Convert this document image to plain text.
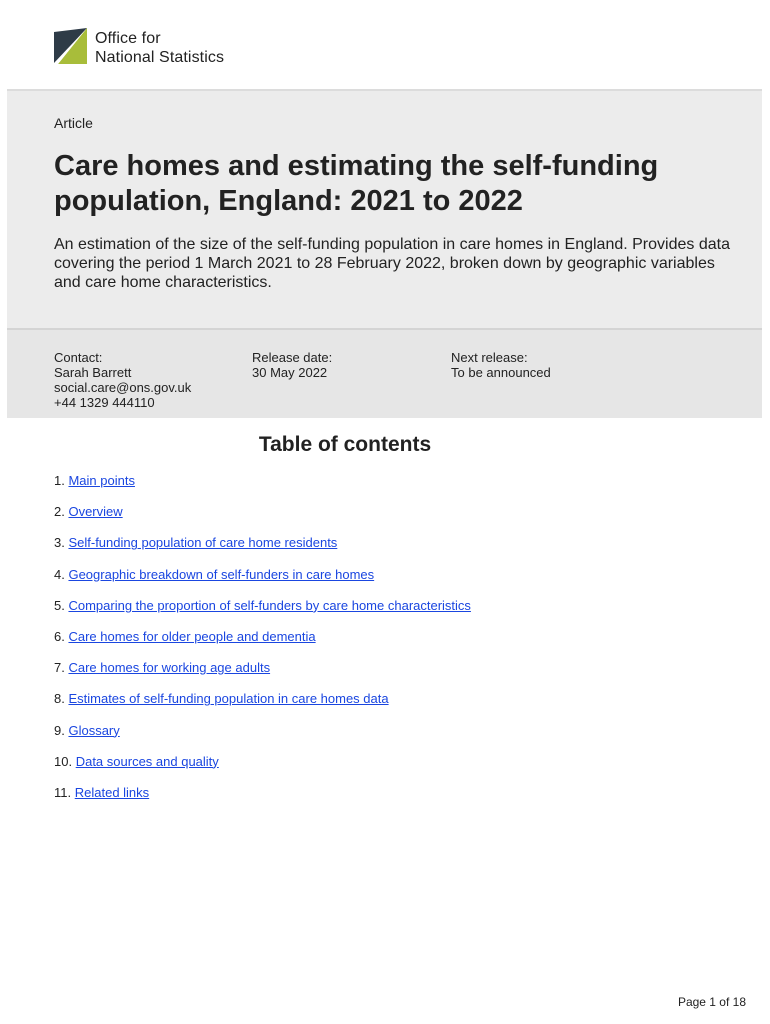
Office for
National Statistics
Article
Care homes and estimating the self-funding population, England: 2021 to 2022

An estimation of the size of the self-funding population in care homes in England. Provides data covering the period 1 March 2021 to 28 February 2022, broken down by geographic variables and care home characteristics.

Contact:
Sarah Barrett
social.care@ons.gov.uk
+44 1329 444110
Release date:
30 May 2022
Next release:
To be announced
Table of contents
1. Main points
2. Overview
3. Self-funding population of care home residents
4. Geographic breakdown of self-funders in care homes
5. Comparing the proportion of self-funders by care home characteristics
6. Care homes for older people and dementia
7. Care homes for working age adults
8. Estimates of self-funding population in care homes data
9. Glossary
10. Data sources and quality
11. Related links
Page 1 of 18
